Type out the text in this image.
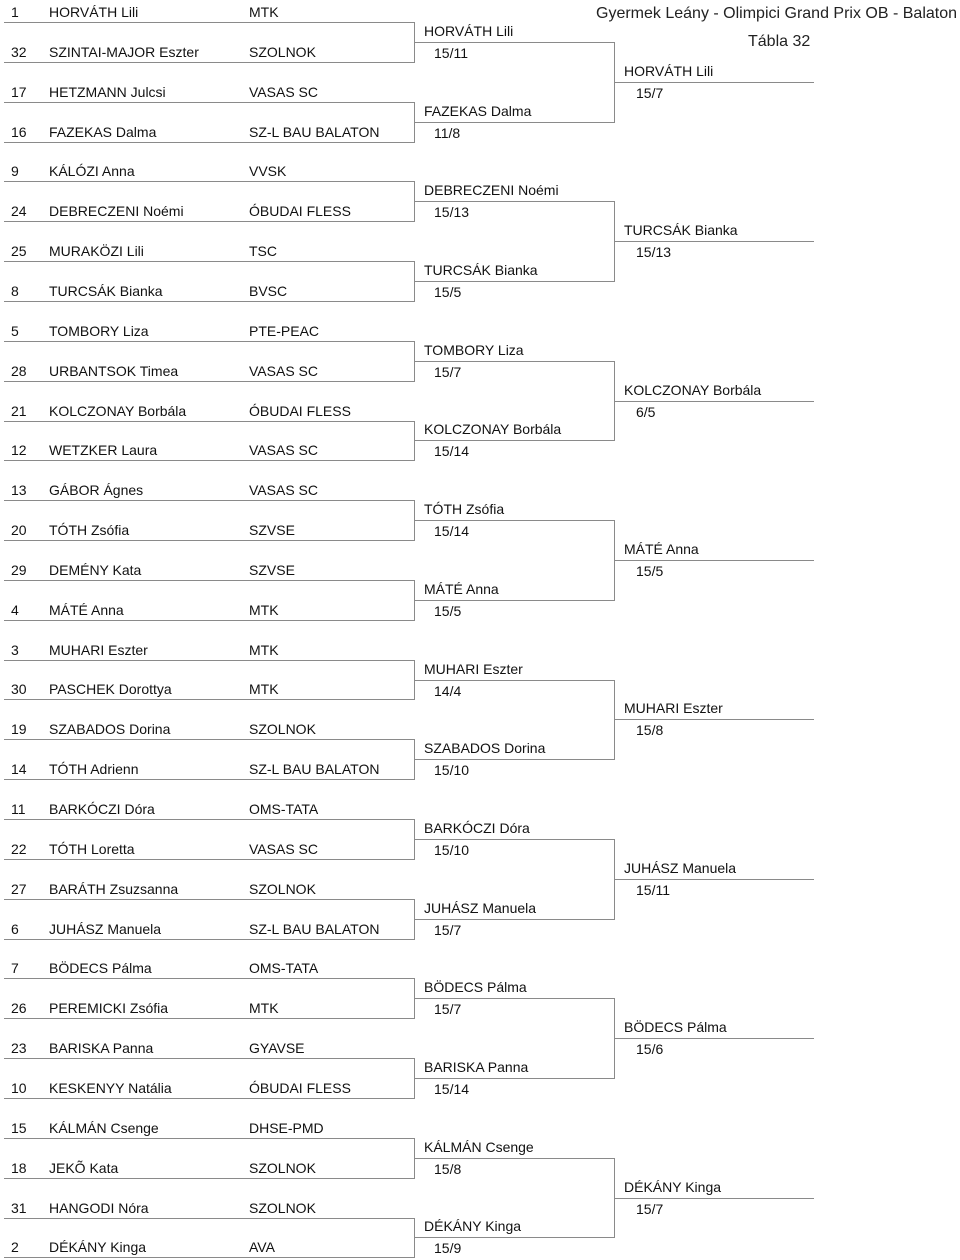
Gyermek Leány - Olimpici Grand Prix OB - Balaton
Tábla 32
1 HORVÁTH Lili	MTK
32 SZINTAI-MAJOR Eszter	SZOLNOK
17 HETZMANN Julcsi	VASAS SC
16 FAZEKAS Dalma	SZ-L BAU BALATON
9 KÁLÓZI Anna	VVSK
24 DEBRECZENI Noémi	ÓBUDAI FLESS
25 MURAKÖZI Lili	TSC
8 TURCSÁK Bianka	BVSC
5 TOMBORY Liza	PTE-PEAC
28 URBANTSOK Timea	VASAS SC
21 KOLCZONAY Borbála	ÓBUDAI FLESS
12 WETZKER Laura	VASAS SC
13 GÁBOR Ágnes	VASAS SC
20 TÓTH Zsófia	SZVSE
29 DEMÉNY Kata	SZVSE
4 MÁTÉ Anna	MTK
3 MUHARI Eszter	MTK
30 PASCHEK Dorottya	MTK
19 SZABADOS Dorina	SZOLNOK
14 TÓTH Adrienn	SZ-L BAU BALATON
11 BARKÓCZI Dóra	OMS-TATA
22 TÓTH Loretta	VASAS SC
27 BARÁTH Zsuzsanna	SZOLNOK
6 JUHÁSZ Manuela	SZ-L BAU BALATON
7 BÖDECS Pálma	OMS-TATA
26 PEREMICKI Zsófia	MTK
23 BARISKA Panna	GYAVSE
10 KESKENYY Natália	ÓBUDAI FLESS
15 KÁLMÁN Csenge	DHSE-PMD
18 JEKÕ Kata	SZOLNOK
31 HANGODI Nóra	SZOLNOK
2 DÉKÁNY Kinga	AVA
HORVÁTH Lili
15/11
FAZEKAS Dalma
11/8
DEBRECZENI Noémi
15/13
TURCSÁK Bianka
15/5
TOMBORY Liza
15/7
KOLCZONAY Borbála
15/14
TÓTH Zsófia
15/14
MÁTÉ Anna
15/5
MUHARI Eszter
14/4
SZABADOS Dorina
15/10
BARKÓCZI Dóra
15/10
JUHÁSZ Manuela
15/7
BÖDECS Pálma
15/7
BARISKA Panna
15/14
KÁLMÁN Csenge
15/8
DÉKÁNY Kinga
15/9
HORVÁTH Lili
15/7
TURCSÁK Bianka
15/13
KOLCZONAY Borbála
6/5
MÁTÉ Anna
15/5
MUHARI Eszter
15/8
JUHÁSZ Manuela
15/11
BÖDECS Pálma
15/6
DÉKÁNY Kinga
15/7
